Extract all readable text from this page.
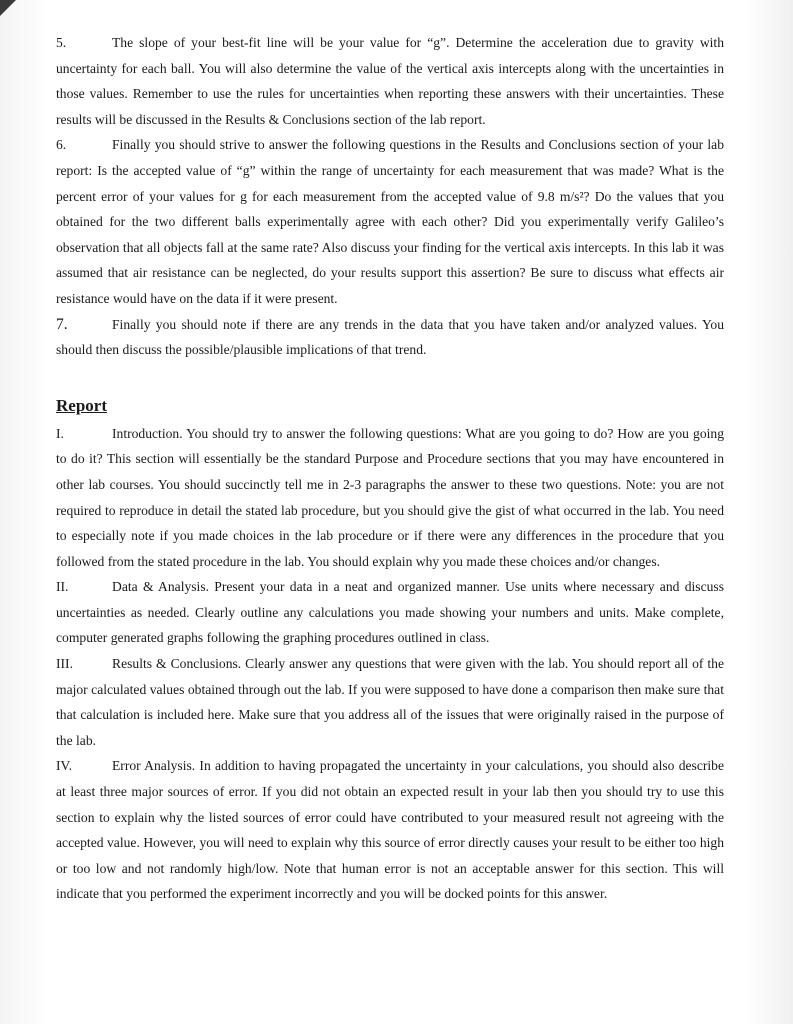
5.	The slope of your best-fit line will be your value for “g”. Determine the acceleration due to gravity with uncertainty for each ball. You will also determine the value of the vertical axis intercepts along with the uncertainties in those values. Remember to use the rules for uncertainties when reporting these answers with their uncertainties. These results will be discussed in the Results & Conclusions section of the lab report.

6.	Finally you should strive to answer the following questions in the Results and Conclusions section of your lab report: Is the accepted value of “g” within the range of uncertainty for each measurement that was made? What is the percent error of your values for g for each measurement from the accepted value of 9.8 m/s²? Do the values that you obtained for the two different balls experimentally agree with each other? Did you experimentally verify Galileo’s observation that all objects fall at the same rate? Also discuss your finding for the vertical axis intercepts. In this lab it was assumed that air resistance can be neglected, do your results support this assertion? Be sure to discuss what effects air resistance would have on the data if it were present.

7.	Finally you should note if there are any trends in the data that you have taken and/or analyzed values. You should then discuss the possible/plausible implications of that trend.

Report

I.	Introduction. You should try to answer the following questions: What are you going to do? How are you going to do it? This section will essentially be the standard Purpose and Procedure sections that you may have encountered in other lab courses. You should succinctly tell me in 2-3 paragraphs the answer to these two questions. Note: you are not required to reproduce in detail the stated lab procedure, but you should give the gist of what occurred in the lab. You need to especially note if you made choices in the lab procedure or if there were any differences in the procedure that you followed from the stated procedure in the lab. You should explain why you made these choices and/or changes.

II.	Data & Analysis. Present your data in a neat and organized manner. Use units where necessary and discuss uncertainties as needed. Clearly outline any calculations you made showing your numbers and units. Make complete, computer generated graphs following the graphing procedures outlined in class.

III.	Results & Conclusions. Clearly answer any questions that were given with the lab. You should report all of the major calculated values obtained through out the lab. If you were supposed to have done a comparison then make sure that that calculation is included here. Make sure that you address all of the issues that were originally raised in the purpose of the lab.

IV.	Error Analysis. In addition to having propagated the uncertainty in your calculations, you should also describe at least three major sources of error. If you did not obtain an expected result in your lab then you should try to use this section to explain why the listed sources of error could have contributed to your measured result not agreeing with the accepted value. However, you will need to explain why this source of error directly causes your result to be either too high or too low and not randomly high/low. Note that human error is not an acceptable answer for this section. This will indicate that you performed the experiment incorrectly and you will be docked points for this answer.
